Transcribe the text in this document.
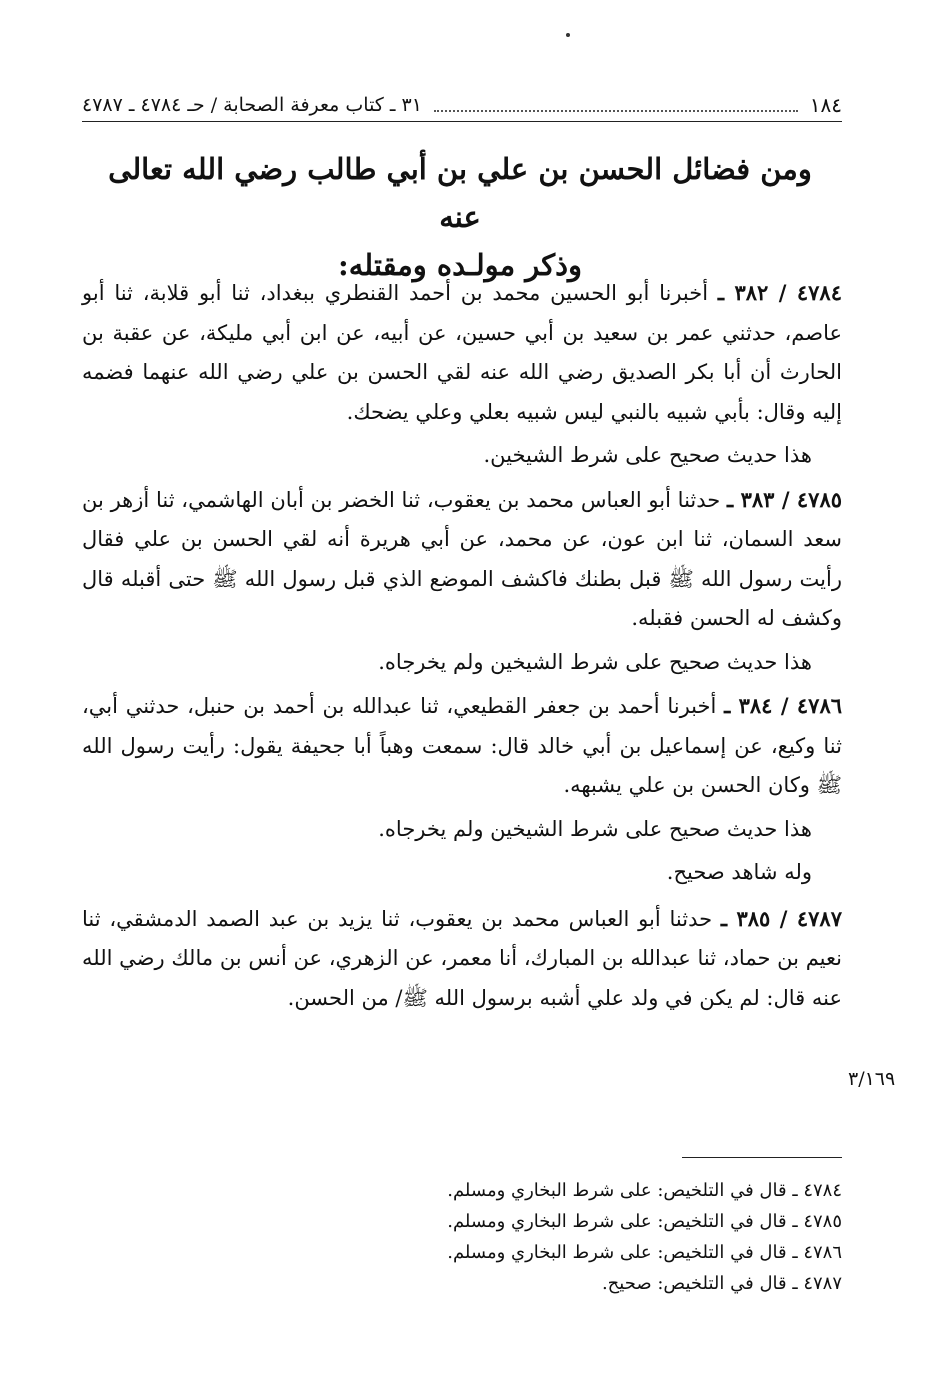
١٨٤
٣١ ـ كتاب معرفة الصحابة / حـ ٤٧٨٤ ـ ٤٧٨٧
ومن فضائل الحسن بن علي بن أبي طالب رضي الله تعالى عنه
وذكر مولـده ومقتله:

٤٧٨٤ / ٣٨٢ ـ أخبرنا أبو الحسين محمد بن أحمد القنطري ببغداد، ثنا أبو قلابة، ثنا أبو عاصم، حدثني عمر بن سعيد بن أبي حسين، عن أبيه، عن ابن أبي مليكة، عن عقبة بن الحارث أن أبا بكر الصديق رضي الله عنه لقي الحسن بن علي رضي الله عنهما فضمه إليه وقال: بأبي شبيه بالنبي ليس شبيه بعلي وعلي يضحك.

هذا حديث صحيح على شرط الشيخين.

٤٧٨٥ / ٣٨٣ ـ حدثنا أبو العباس محمد بن يعقوب، ثنا الخضر بن أبان الهاشمي، ثنا أزهر بن سعد السمان، ثنا ابن عون، عن محمد، عن أبي هريرة أنه لقي الحسن بن علي فقال رأيت رسول الله ﷺ قبل بطنك فاكشف الموضع الذي قبل رسول الله ﷺ حتى أقبله قال وكشف له الحسن فقبله.

هذا حديث صحيح على شرط الشيخين ولم يخرجاه.

٤٧٨٦ / ٣٨٤ ـ أخبرنا أحمد بن جعفر القطيعي، ثنا عبدالله بن أحمد بن حنبل، حدثني أبي، ثنا وكيع، عن إسماعيل بن أبي خالد قال: سمعت وهباً أبا جحيفة يقول: رأيت رسول الله ﷺ وكان الحسن بن علي يشبهه.

هذا حديث صحيح على شرط الشيخين ولم يخرجاه.

وله شاهد صحيح.

٤٧٨٧ / ٣٨٥ ـ حدثنا أبو العباس محمد بن يعقوب، ثنا يزيد بن عبد الصمد الدمشقي، ثنا نعيم بن حماد، ثنا عبدالله بن المبارك، أنا معمر، عن الزهري، عن أنس بن مالك رضي الله عنه قال: لم يكن في ولد علي أشبه برسول الله ﷺ/ من الحسن.

٣/١٦٩
٤٧٨٤ ـ قال في التلخيص: على شرط البخاري ومسلم.
٤٧٨٥ ـ قال في التلخيص: على شرط البخاري ومسلم.
٤٧٨٦ ـ قال في التلخيص: على شرط البخاري ومسلم.
٤٧٨٧ ـ قال في التلخيص: صحيح.
